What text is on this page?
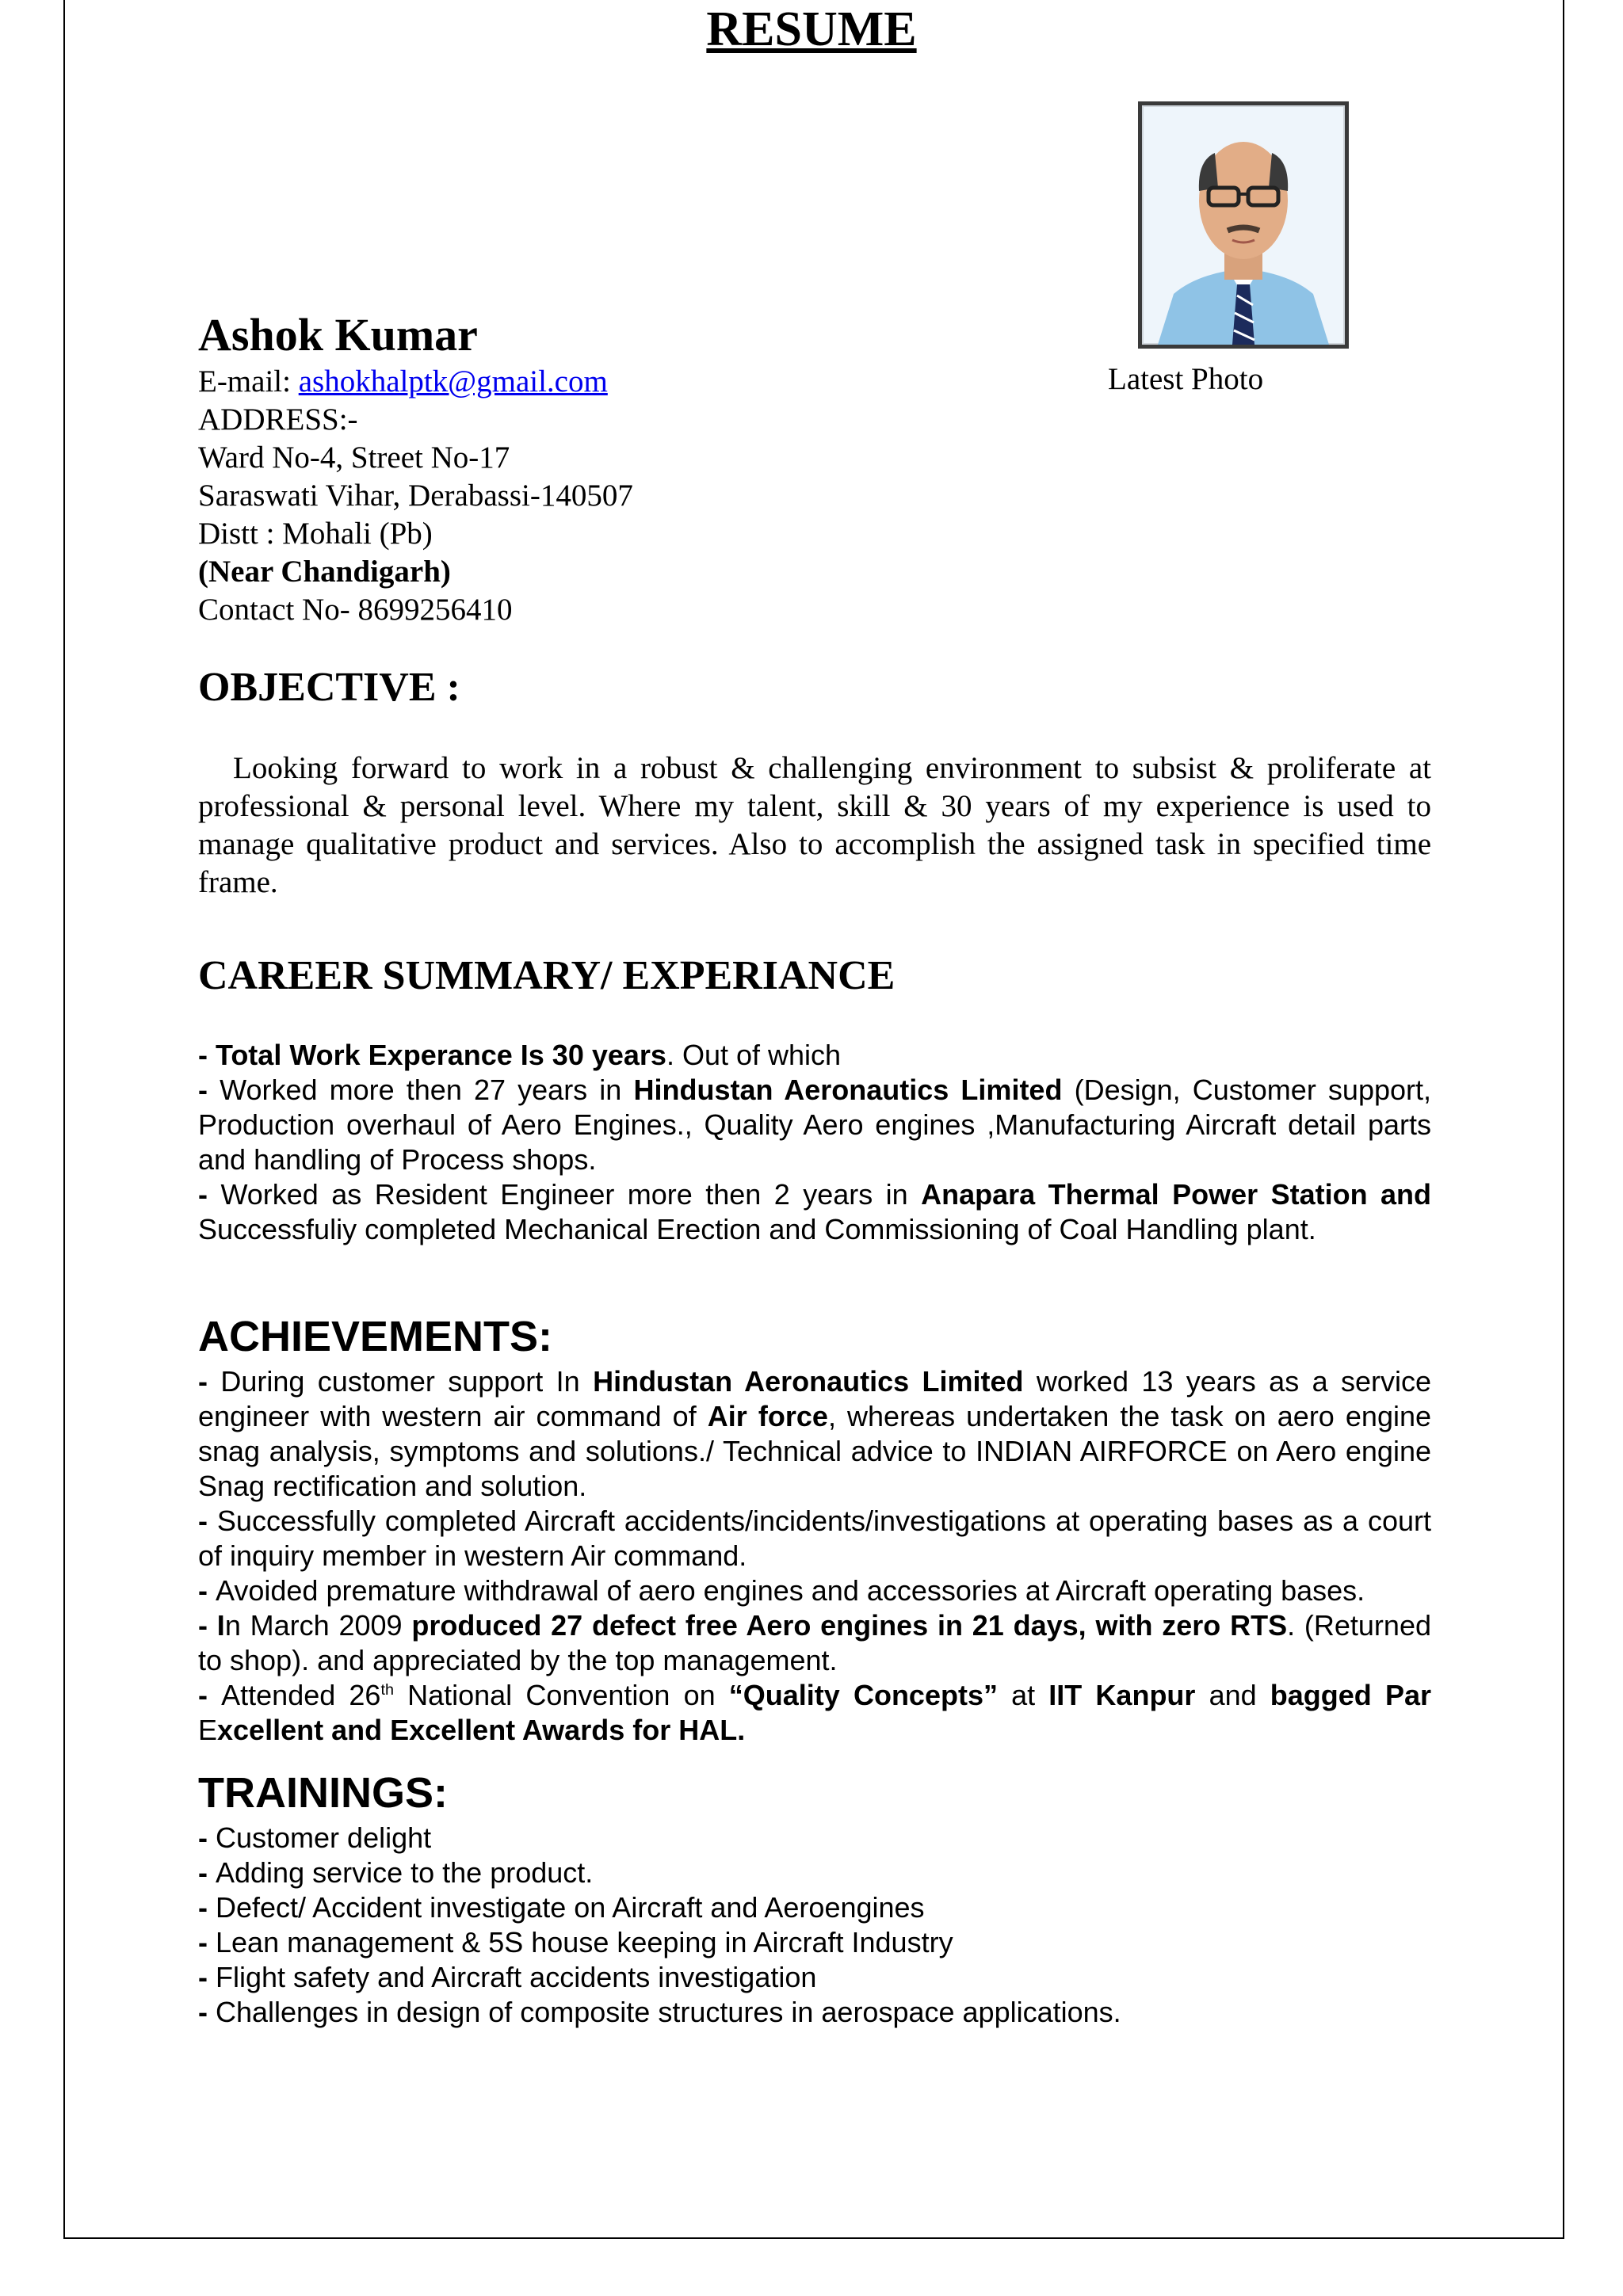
RESUME
Latest Photo
Ashok Kumar
E-mail: ashokhalptk@gmail.com
ADDRESS:-
Ward No-4, Street No-17
Saraswati Vihar, Derabassi-140507
Distt : Mohali (Pb)
(Near Chandigarh)
Contact No- 8699256410
OBJECTIVE :
Looking forward to work in a robust & challenging environment to subsist & proliferate at professional & personal level. Where my talent, skill & 30 years of my experience is used to manage qualitative product and services. Also to accomplish the assigned task in specified time frame.
CAREER SUMMARY/ EXPERIANCE

- Total Work Experance Is 30 years. Out of which

- Worked more then 27 years in Hindustan Aeronautics Limited (Design, Customer support, Production overhaul of Aero Engines., Quality Aero engines ,Manufacturing Aircraft detail parts and handling of Process shops.

- Worked as Resident Engineer more then 2 years in Anapara Thermal Power Station and Successfuliy completed Mechanical Erection and Commissioning of Coal Handling plant.

ACHIEVEMENTS:

- During customer support In Hindustan Aeronautics Limited worked 13 years as a service engineer with western air command of Air force, whereas undertaken the task on aero engine snag analysis, symptoms and solutions./ Technical advice to INDIAN AIRFORCE on Aero engine Snag rectification and solution.

- Successfully completed Aircraft accidents/incidents/investigations at operating bases as a court of inquiry member in western Air command.

- Avoided premature withdrawal of aero engines and accessories at Aircraft operating bases.

- In March 2009 produced 27 defect free Aero engines in 21 days, with zero RTS. (Returned to shop). and appreciated by the top management.

- Attended 26th National Convention on “Quality Concepts” at IIT Kanpur and bagged Par Excellent and Excellent Awards for HAL.

TRAININGS:

- Customer delight

- Adding service to the product.

- Defect/ Accident investigate on Aircraft and Aeroengines

- Lean management & 5S house keeping in Aircraft Industry

- Flight safety and Aircraft accidents investigation

- Challenges in design of composite structures in aerospace applications.
